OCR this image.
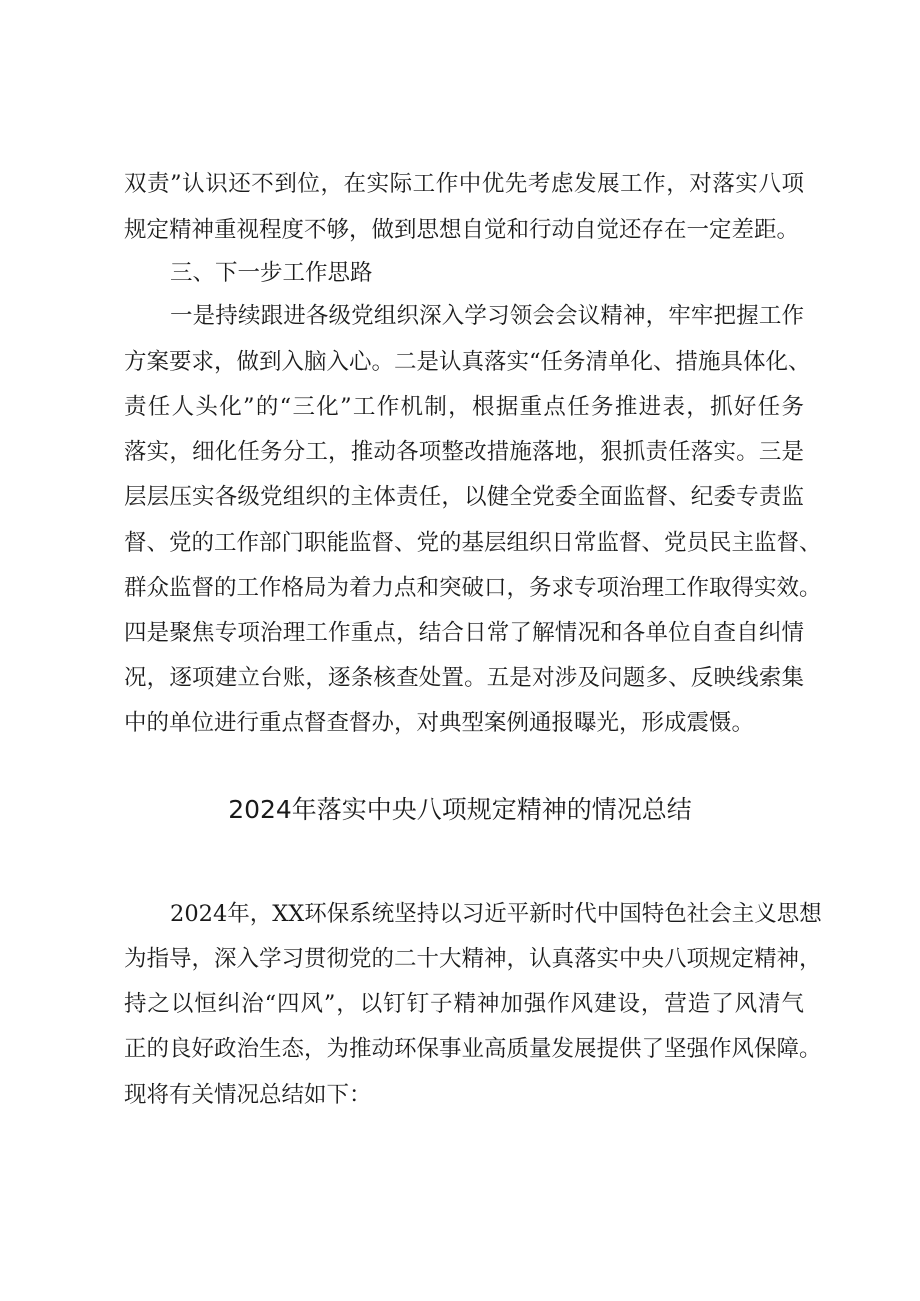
双责”认识还不到位，在实际工作中优先考虑发展工作，对落实八项
规定精神重视程度不够，做到思想自觉和行动自觉还存在一定差距。
三、下一步工作思路
一是持续跟进各级党组织深入学习领会会议精神，牢牢把握工作
方案要求，做到入脑入心。二是认真落实“任务清单化、措施具体化、
责任人头化”的“三化”工作机制，根据重点任务推进表，抓好任务
落实，细化任务分工，推动各项整改措施落地，狠抓责任落实。三是
层层压实各级党组织的主体责任，以健全党委全面监督、纪委专责监
督、党的工作部门职能监督、党的基层组织日常监督、党员民主监督、
群众监督的工作格局为着力点和突破口，务求专项治理工作取得实效。
四是聚焦专项治理工作重点，结合日常了解情况和各单位自查自纠情
况，逐项建立台账，逐条核查处置。五是对涉及问题多、反映线索集
中的单位进行重点督查督办，对典型案例通报曝光，形成震慑。
2024年落实中央八项规定精神的情况总结
2024年，XX环保系统坚持以习近平新时代中国特色社会主义思想
为指导，深入学习贯彻党的二十大精神，认真落实中央八项规定精神，
持之以恒纠治“四风”，以钉钉子精神加强作风建设，营造了风清气
正的良好政治生态，为推动环保事业高质量发展提供了坚强作风保障。
现将有关情况总结如下：
